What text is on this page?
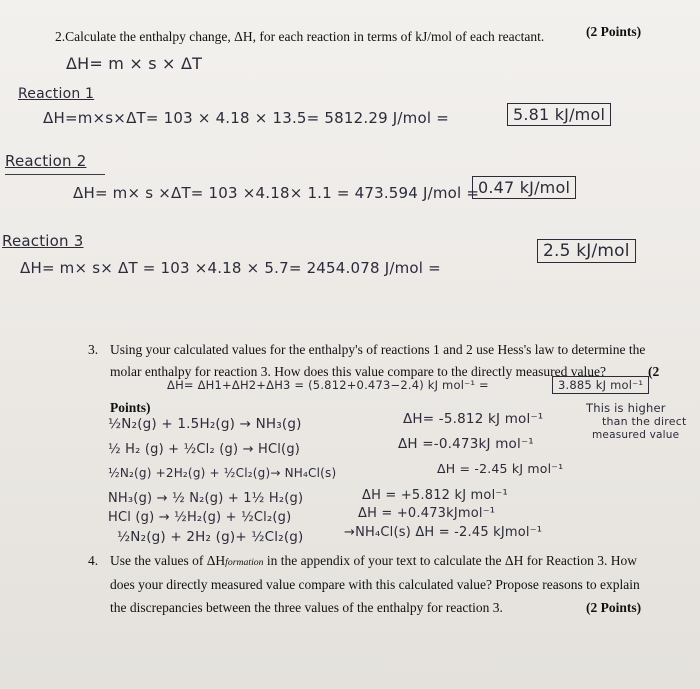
2.Calculate the enthalpy change, ΔH, for each reaction in terms of kJ/mol of each reactant.	(2 Points)
ΔH= m × s × ΔT
Reaction 1
ΔH=m×s×ΔT= 103 × 4.18 × 13.5= 5812.29 J/mol =	5.81 kJ/mol
Reaction 2
ΔH= m× s ×ΔT= 103 ×4.18× 1.1 = 473.594 J/mol =
0.47 kJ/mol
Reaction 3
ΔH= m× s× ΔT = 103 ×4.18 × 5.7= 2454.078 J/mol =
2.5 kJ/mol
3. Using your calculated values for the enthalpy's of reactions 1 and 2 use Hess's law to determine the
molar enthalpy for reaction 3. How does this value compare to the directly measured value?	(2
Points)
ΔH= ΔH1+ΔH2+ΔH3 = (5.812+0.473−2.4) kJ mol⁻¹ =	3.885 kJ mol⁻¹
½N₂(g) + 1.5H₂(g) → NH₃(g)	ΔH= -5.812 kJ mol⁻¹
This is higher
than the direct
measured value
½ H₂ (g) + ½Cl₂ (g) → HCl(g)	ΔH =-0.473kJ mol⁻¹
½N₂(g) +2H₂(g) + ½Cl₂(g)→ NH₄Cl(s)	ΔH = -2.45 kJ mol⁻¹
NH₃(g) → ½ N₂(g) + 1½ H₂(g)	ΔH = +5.812 kJ mol⁻¹
HCl (g) → ½H₂(g) + ½Cl₂(g)	ΔH = +0.473kJmol⁻¹
½N₂(g) + 2H₂ (g)+ ½Cl₂(g)	→NH₄Cl(s) ΔH = -2.45 kJmol⁻¹
4. Use the values of ΔHformation in the appendix of your text to calculate the ΔH for Reaction 3. How
does your directly measured value compare with this calculated value? Propose reasons to explain
the discrepancies between the three values of the enthalpy for reaction 3.	(2 Points)
